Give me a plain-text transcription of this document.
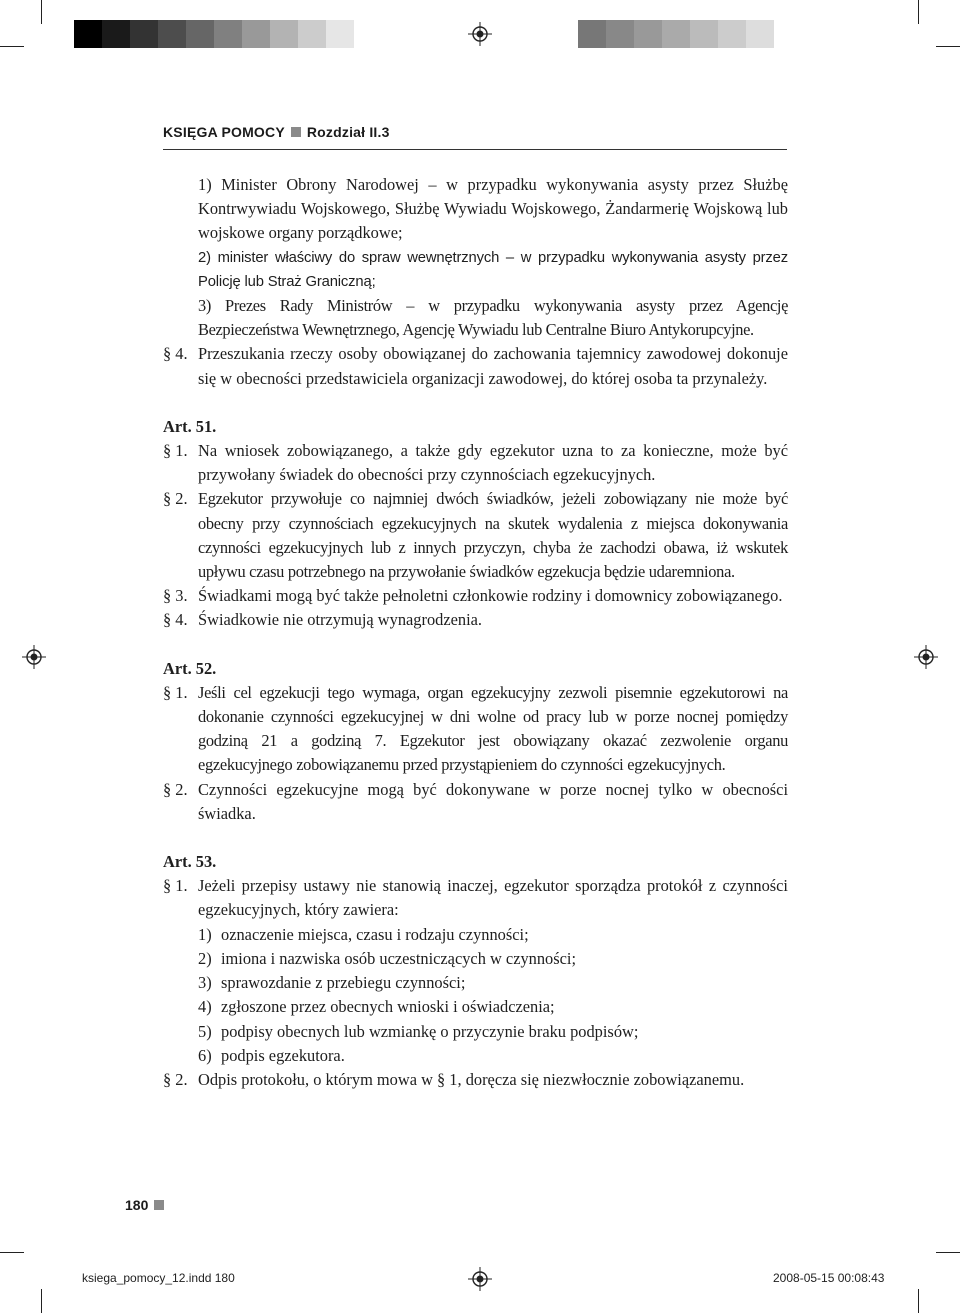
KSIĘGA POMOCY Rozdział II.3
1) Minister Obrony Narodowej – w przypadku wykonywania asysty przez Służbę Kontrwywiadu Wojskowego, Służbę Wywiadu Wojskowego, Żandarmerię Wojskową lub wojskowe organy porządkowe;
2) minister właściwy do spraw wewnętrznych – w przypadku wykonywania asysty przez Policję lub Straż Graniczną;
3) Prezes Rady Ministrów – w przypadku wykonywania asysty przez Agencję Bezpieczeństwa Wewnętrznego, Agencję Wywiadu lub Centralne Biuro Antykorupcyjne.
§ 4. Przeszukania rzeczy osoby obowiązanej do zachowania tajemnicy zawodowej dokonuje się w obecności przedstawiciela organizacji zawodowej, do której osoba ta przynależy.
Art. 51.
§ 1. Na wniosek zobowiązanego, a także gdy egzekutor uzna to za konieczne, może być przywołany świadek do obecności przy czynnościach egzekucyjnych.
§ 2. Egzekutor przywołuje co najmniej dwóch świadków, jeżeli zobowiązany nie może być obecny przy czynnościach egzekucyjnych na skutek wydalenia z miejsca dokonywania czynności egzekucyjnych lub z innych przyczyn, chyba że zachodzi obawa, iż wskutek upływu czasu potrzebnego na przywołanie świadków egzekucja będzie udaremniona.
§ 3. Świadkami mogą być także pełnoletni członkowie rodziny i domownicy zobowiązanego.
§ 4. Świadkowie nie otrzymują wynagrodzenia.
Art. 52.
§ 1. Jeśli cel egzekucji tego wymaga, organ egzekucyjny zezwoli pisemnie egzekutorowi na dokonanie czynności egzekucyjnej w dni wolne od pracy lub w porze nocnej pomiędzy godziną 21 a godziną 7. Egzekutor jest obowiązany okazać zezwolenie organu egzekucyjnego zobowiązanemu przed przystąpieniem do czynności egzekucyjnych.
§ 2. Czynności egzekucyjne mogą być dokonywane w porze nocnej tylko w obecności świadka.
Art. 53.
§ 1. Jeżeli przepisy ustawy nie stanowią inaczej, egzekutor sporządza protokół z czynności egzekucyjnych, który zawiera:
1) oznaczenie miejsca, czasu i rodzaju czynności;
2) imiona i nazwiska osób uczestniczących w czynności;
3) sprawozdanie z przebiegu czynności;
4) zgłoszone przez obecnych wnioski i oświadczenia;
5) podpisy obecnych lub wzmiankę o przyczynie braku podpisów;
6) podpis egzekutora.
§ 2. Odpis protokołu, o którym mowa w § 1, doręcza się niezwłocznie zobowiązanemu.
180
ksiega_pomocy_12.indd 180	2008-05-15 00:08:43
